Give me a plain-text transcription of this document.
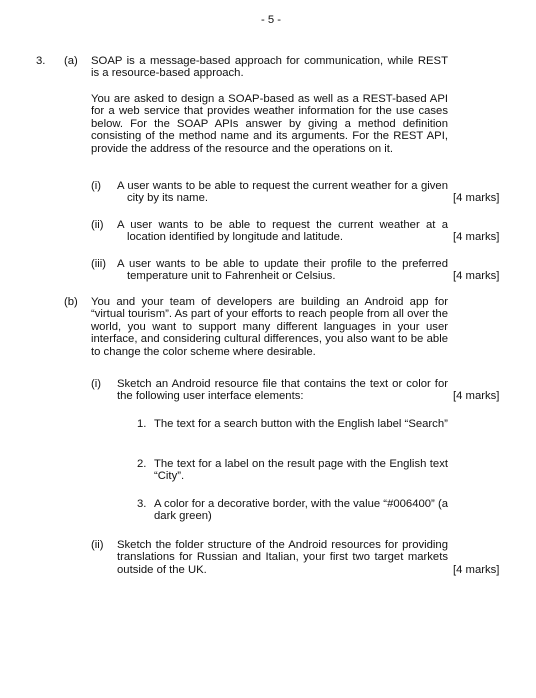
- 5 -
3. (a) SOAP is a message-based approach for communication, while REST is a resource-based approach.
You are asked to design a SOAP-based as well as a REST-based API for a web service that provides weather information for the use cases below. For the SOAP APIs answer by giving a method definition consisting of the method name and its arguments. For the REST API, provide the address of the resource and the operations on it.
(i) A user wants to be able to request the current weather for a given city by its name.	[4 marks]
(ii) A user wants to be able to request the current weather at a location identified by longitude and latitude.	[4 marks]
(iii) A user wants to be able to update their profile to the preferred temperature unit to Fahrenheit or Celsius.	[4 marks]
(b) You and your team of developers are building an Android app for “virtual tourism”. As part of your efforts to reach people from all over the world, you want to support many different languages in your user interface, and considering cultural differences, you also want to be able to change the color scheme where desirable.
(i) Sketch an Android resource file that contains the text or color for the following user interface elements:	[4 marks]
1. The text for a search button with the English label “Search”
2. The text for a label on the result page with the English text “City”.
3. A color for a decorative border, with the value “#006400” (a dark green)
(ii) Sketch the folder structure of the Android resources for providing translations for Russian and Italian, your first two target markets outside of the UK.	[4 marks]
